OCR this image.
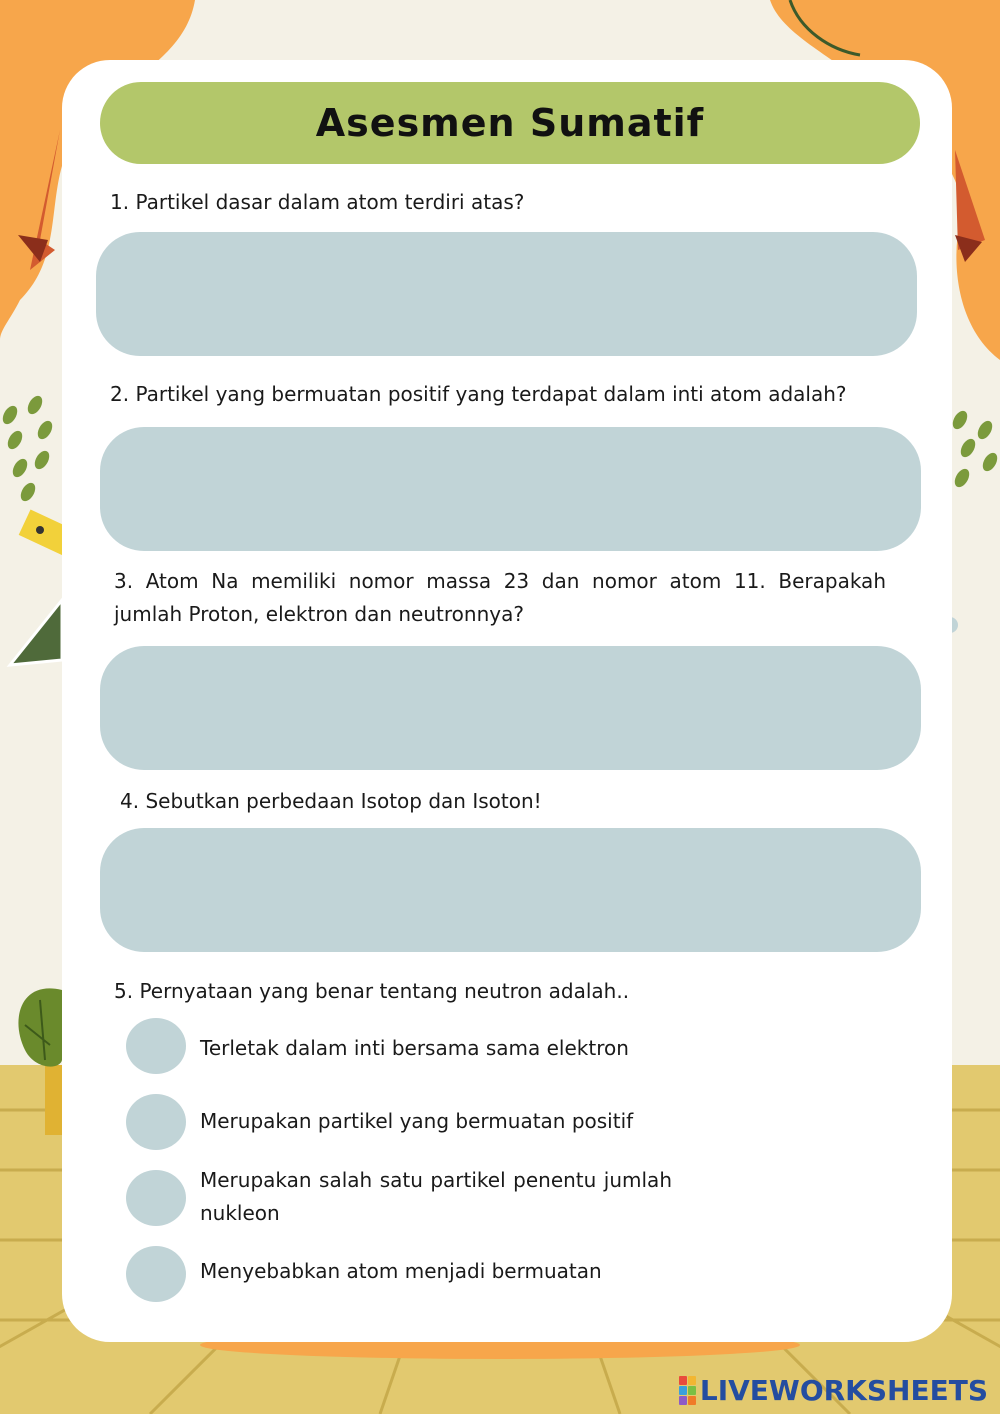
Asesmen Sumatif
1. Partikel dasar dalam atom terdiri atas?
2. Partikel yang bermuatan positif yang terdapat dalam inti atom adalah?
3. Atom Na memiliki nomor massa 23 dan nomor atom 11. Berapakah jumlah Proton, elektron dan neutronnya?
4. Sebutkan perbedaan Isotop dan Isoton!
5. Pernyataan yang benar tentang neutron adalah..
Terletak dalam inti bersama sama elektron
Merupakan partikel yang bermuatan positif
Merupakan salah satu partikel penentu jumlah nukleon
Menyebabkan atom menjadi bermuatan
LIVEWORKSHEETS
